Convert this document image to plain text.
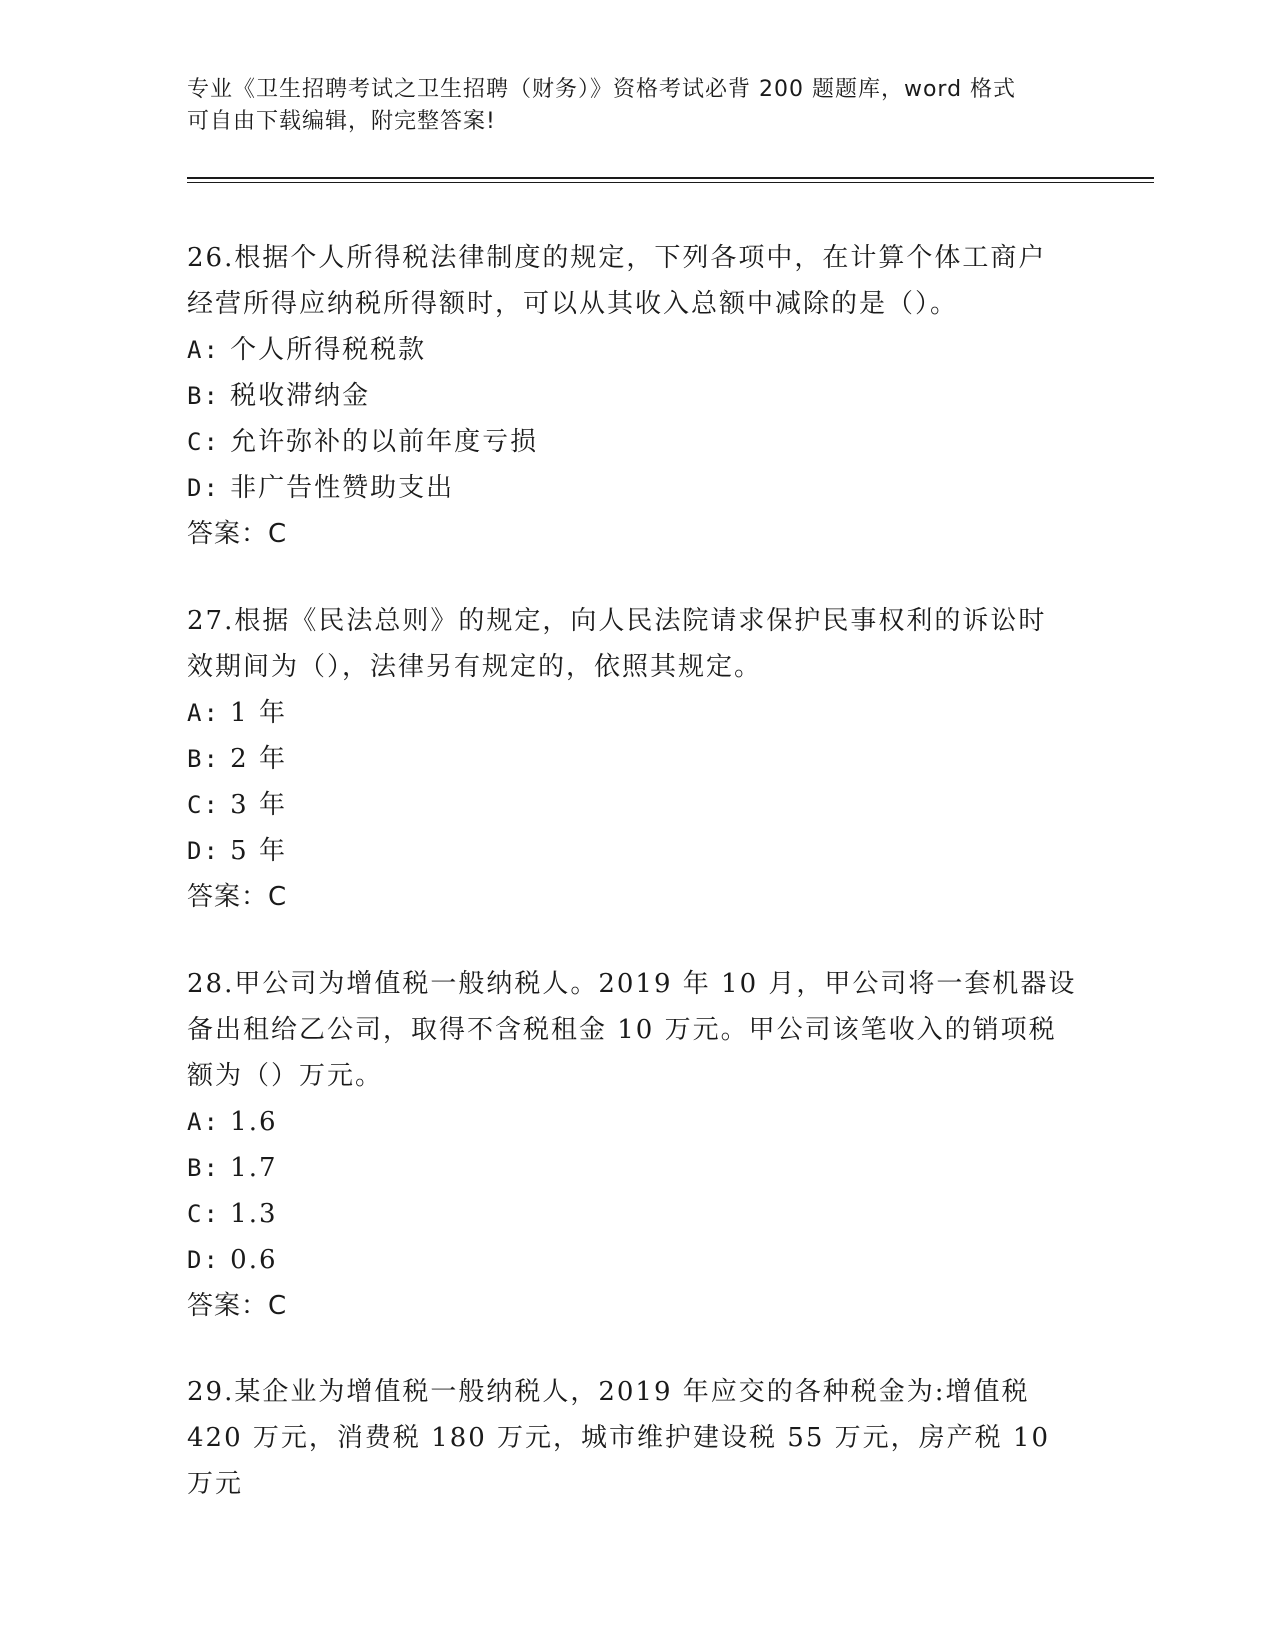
专业《卫生招聘考试之卫生招聘（财务）》资格考试必背 200 题题库，word 格式
可自由下载编辑，附完整答案!

26.根据个人所得税法律制度的规定，下列各项中，在计算个体工商户

经营所得应纳税所得额时，可以从其收入总额中减除的是（）。

A: 个人所得税税款

B: 税收滞纳金

C: 允许弥补的以前年度亏损

D: 非广告性赞助支出

答案：C

27.根据《民法总则》的规定，向人民法院请求保护民事权利的诉讼时

效期间为（），法律另有规定的，依照其规定。

A: 1 年

B: 2 年

C: 3 年

D: 5 年

答案：C

28.甲公司为增值税一般纳税人。2019 年 10 月，甲公司将一套机器设

备出租给乙公司，取得不含税租金 10 万元。甲公司该笔收入的销项税

额为（）万元。

A: 1.6

B: 1.7

C: 1.3

D: 0.6

答案：C

29.某企业为增值税一般纳税人，2019 年应交的各种税金为:增值税

420 万元，消费税 180 万元，城市维护建设税 55 万元，房产税 10 万元
